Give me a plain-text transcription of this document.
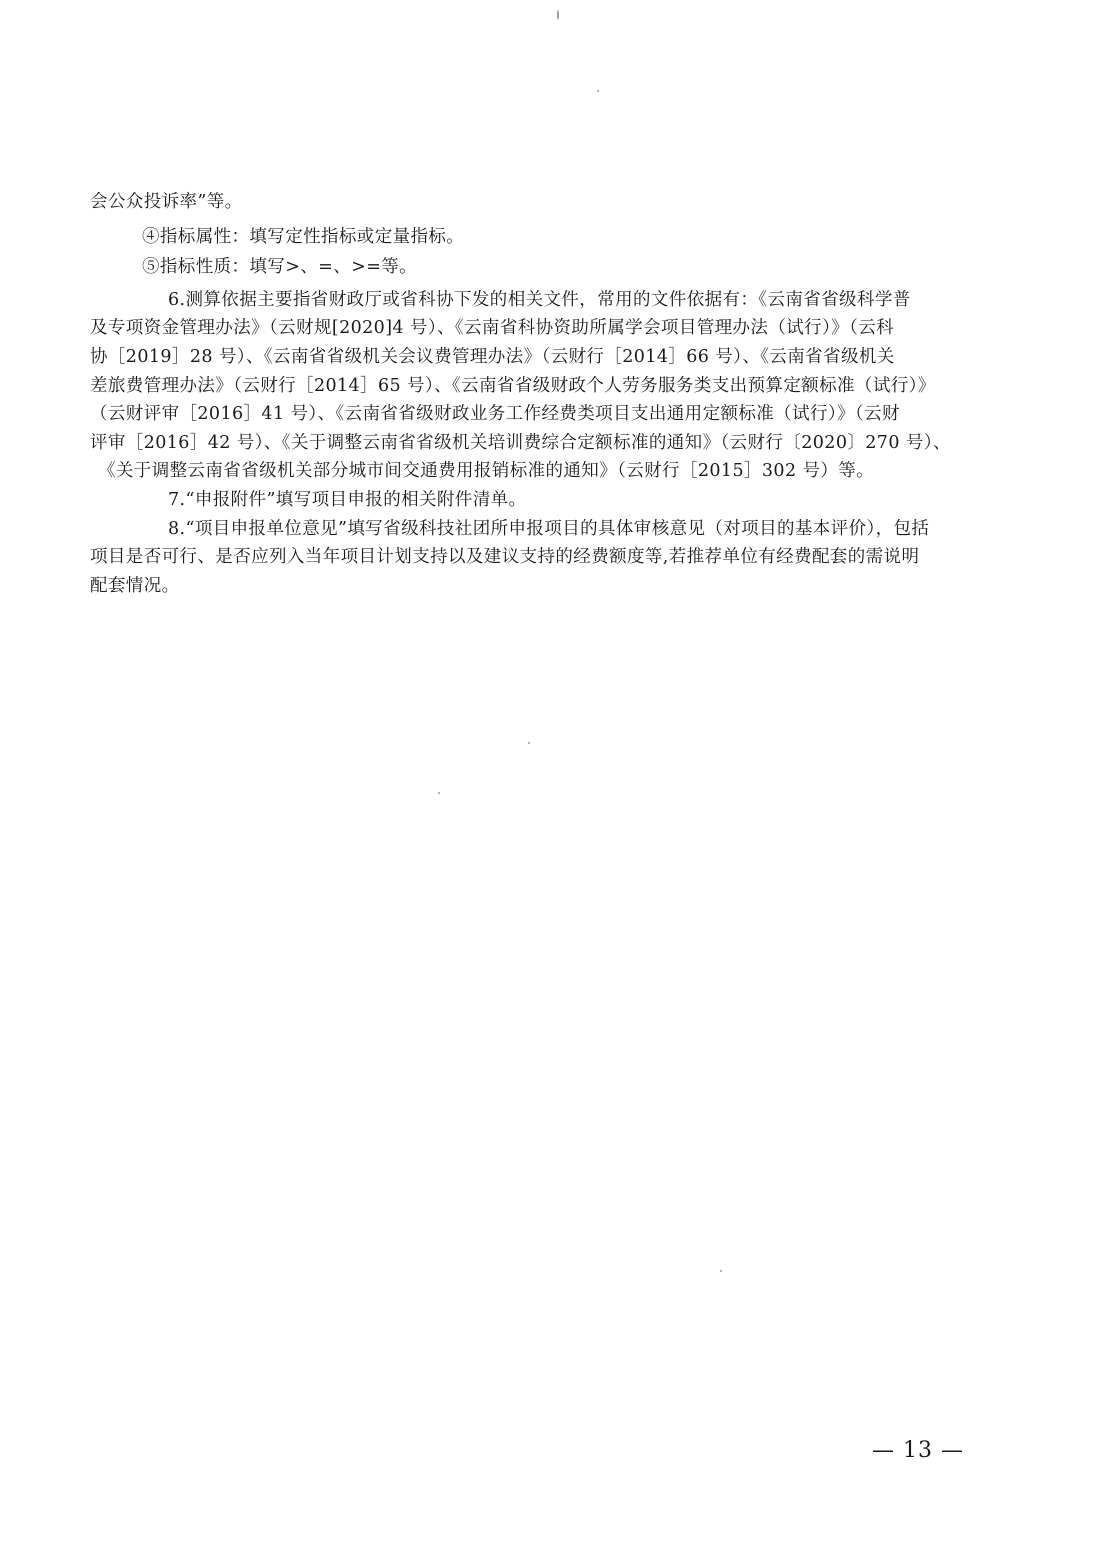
会公众投诉率”等。

④指标属性：填写定性指标或定量指标。

⑤指标性质：填写>、=、>=等。

6.测算依据主要指省财政厅或省科协下发的相关文件，常用的文件依据有：《云南省省级科学普
及专项资金管理办法》（云财规[2020]4 号）、《云南省科协资助所属学会项目管理办法（试行）》（云科
协［2019］28 号）、《云南省省级机关会议费管理办法》（云财行［2014］66 号）、《云南省省级机关
差旅费管理办法》（云财行［2014］65 号）、《云南省省级财政个人劳务服务类支出预算定额标准（试行）》
（云财评审［2016］41 号）、《云南省省级财政业务工作经费类项目支出通用定额标准（试行）》（云财
评审［2016］42 号）、《关于调整云南省省级机关培训费综合定额标准的通知》（云财行〔2020〕270 号）、
《关于调整云南省省级机关部分城市间交通费用报销标准的通知》（云财行［2015］302 号）等。

7.“申报附件”填写项目申报的相关附件清单。

8.“项目申报单位意见”填写省级科技社团所申报项目的具体审核意见（对项目的基本评价），包括
项目是否可行、是否应列入当年项目计划支持以及建议支持的经费额度等,若推荐单位有经费配套的需说明
配套情况。

— 13 —
